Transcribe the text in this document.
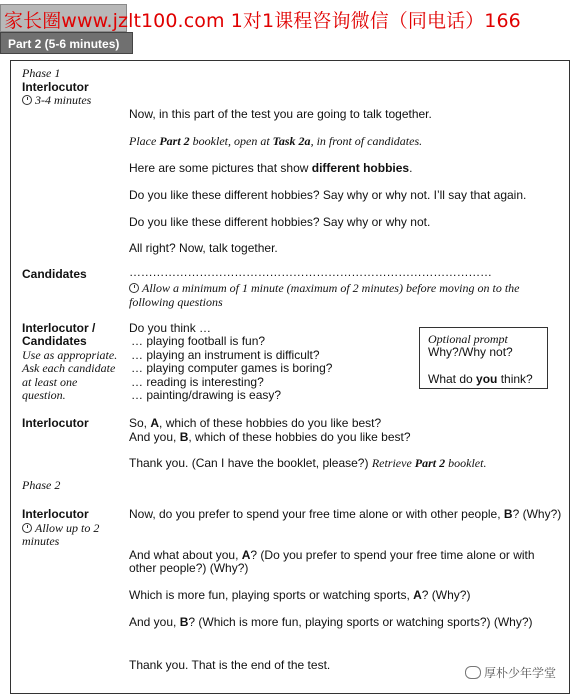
家长圈www.jzlt100.com 1对1课程咨询微信（同电话）166
Part 2 (5-6 minutes)
Phase 1
Interlocutor
3-4 minutes
Now, in this part of the test you are going to talk together.
Place Part 2 booklet, open at Task 2a, in front of candidates.
Here are some pictures that show different hobbies.
Do you like these different hobbies? Say why or why not. I’ll say that again.
Do you like these different hobbies? Say why or why not.
All right? Now, talk together.
Candidates	…………………………………………………………………………………
Allow a minimum of 1 minute (maximum of 2 minutes) before moving on to the
following questions
Interlocutor /
Candidates
Use as appropriate.
Ask each candidate
at least one
question.
Do you think …
… playing football is fun?
… playing an instrument is difficult?
… playing computer games is boring?
… reading is interesting?
… painting/drawing is easy?
Optional prompt
Why?/Why not?
What do you think?
Interlocutor	So, A, which of these hobbies do you like best?
And you, B, which of these hobbies do you like best?
Thank you. (Can I have the booklet, please?) Retrieve Part 2 booklet.
Phase 2
Interlocutor
Allow up to 2
minutes
Now, do you prefer to spend your free time alone or with other people, B? (Why?)
And what about you, A? (Do you prefer to spend your free time alone or with
other people?) (Why?)
Which is more fun, playing sports or watching sports, A? (Why?)
And you, B? (Which is more fun, playing sports or watching sports?) (Why?)
Thank you. That is the end of the test.
厚朴少年学堂
